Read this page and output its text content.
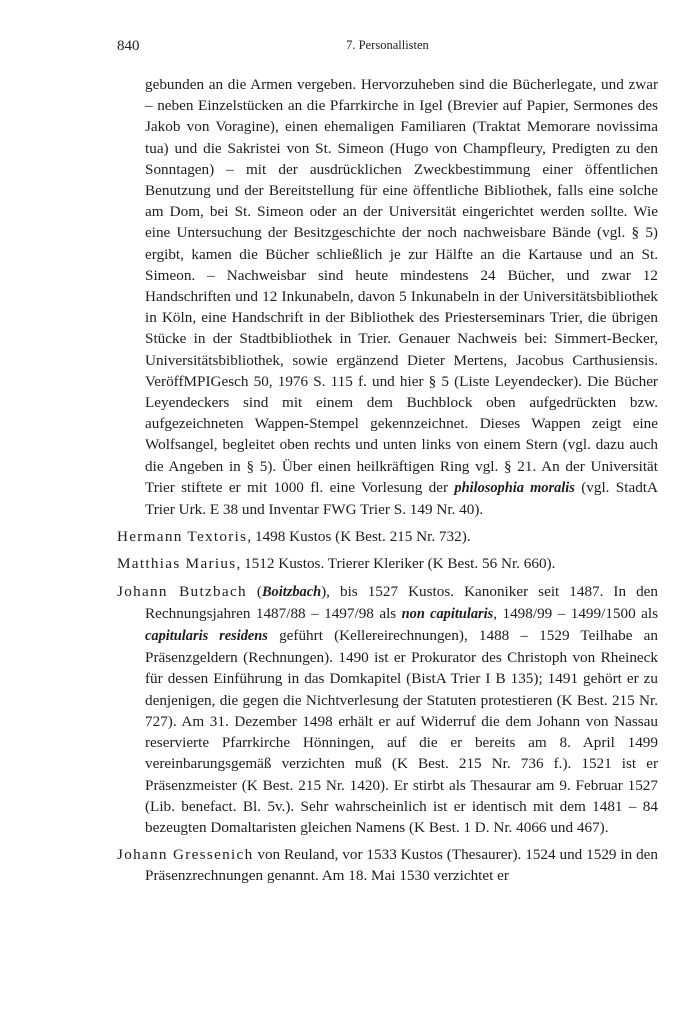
840	7. Personallisten

gebunden an die Armen vergeben. Hervorzuheben sind die Bücherlegate, und zwar – neben Einzelstücken an die Pfarrkirche in Igel (Brevier auf Papier, Sermones des Jakob von Voragine), einen ehemaligen Familiaren (Traktat Memorare novissima tua) und die Sakristei von St. Simeon (Hugo von Champfleury, Predigten zu den Sonntagen) – mit der ausdrücklichen Zweckbestimmung einer öffentlichen Benutzung und der Bereitstellung für eine öffentliche Bibliothek, falls eine solche am Dom, bei St. Simeon oder an der Universität eingerichtet werden sollte. Wie eine Untersuchung der Besitzgeschichte der noch nachweisbare Bände (vgl. § 5) ergibt, kamen die Bücher schließlich je zur Hälfte an die Kartause und an St. Simeon. – Nachweisbar sind heute mindestens 24 Bücher, und zwar 12 Handschriften und 12 Inkunabeln, davon 5 Inkunabeln in der Universitätsbibliothek in Köln, eine Handschrift in der Bibliothek des Priesterseminars Trier, die übrigen Stücke in der Stadtbibliothek in Trier. Genauer Nachweis bei: Simmert-Becker, Universitätsbibliothek, sowie ergänzend Dieter Mertens, Jacobus Carthusiensis. VeröffMPIGesch 50, 1976 S. 115 f. und hier § 5 (Liste Leyendecker). Die Bücher Leyendeckers sind mit einem dem Buchblock oben aufgedrückten bzw. aufgezeichneten Wappen-Stempel gekennzeichnet. Dieses Wappen zeigt eine Wolfsangel, begleitet oben rechts und unten links von einem Stern (vgl. dazu auch die Angeben in § 5). Über einen heilkräftigen Ring vgl. § 21. An der Universität Trier stiftete er mit 1000 fl. eine Vorlesung der philosophia moralis (vgl. StadtA Trier Urk. E 38 und Inventar FWG Trier S. 149 Nr. 40).

Hermann Textoris, 1498 Kustos (K Best. 215 Nr. 732).

Matthias Marius, 1512 Kustos. Trierer Kleriker (K Best. 56 Nr. 660).

Johann Butzbach (Boitzbach), bis 1527 Kustos. Kanoniker seit 1487. In den Rechnungsjahren 1487/88 – 1497/98 als non capitularis, 1498/99 – 1499/1500 als capitularis residens geführt (Kellereirechnungen), 1488 – 1529 Teilhabe an Präsenzgeldern (Rechnungen). 1490 ist er Prokurator des Christoph von Rheineck für dessen Einführung in das Domkapitel (BistA Trier I B 135); 1491 gehört er zu denjenigen, die gegen die Nichtverlesung der Statuten protestieren (K Best. 215 Nr. 727). Am 31. Dezember 1498 erhält er auf Widerruf die dem Johann von Nassau reservierte Pfarrkirche Hönningen, auf die er bereits am 8. April 1499 vereinbarungsgemäß verzichten muß (K Best. 215 Nr. 736 f.). 1521 ist er Präsenzmeister (K Best. 215 Nr. 1420). Er stirbt als Thesaurar am 9. Februar 1527 (Lib. benefact. Bl. 5v.). Sehr wahrscheinlich ist er identisch mit dem 1481 – 84 bezeugten Domaltaristen gleichen Namens (K Best. 1 D. Nr. 4066 und 467).

Johann Gressenich von Reuland, vor 1533 Kustos (Thesaurer). 1524 und 1529 in den Präsenzrechnungen genannt. Am 18. Mai 1530 verzichtet er
